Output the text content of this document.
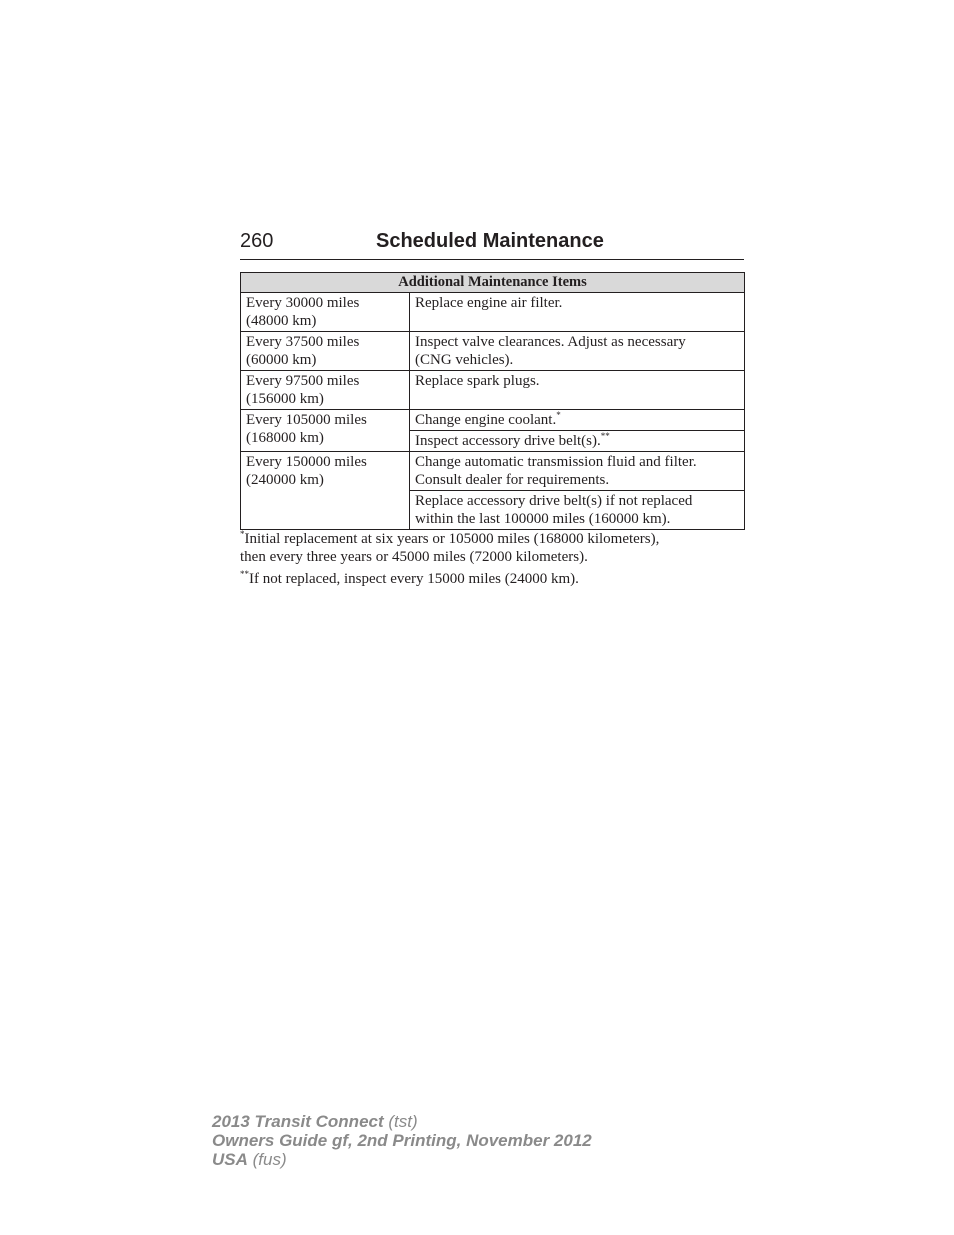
260	Scheduled Maintenance
Additional Maintenance Items	

Every 30000 miles
(48000 km)	Replace engine air filter.

Every 37500 miles
(60000 km)	Inspect valve clearances. Adjust as necessary
(CNG vehicles).

Every 97500 miles
(156000 km)	Replace spark plugs.

Every 105000 miles
(168000 km)	Change engine coolant.*

	Inspect accessory drive belt(s).**

Every 150000 miles
(240000 km)	Change automatic transmission fluid and filter.
Consult dealer for requirements.

	Replace accessory drive belt(s) if not replaced
within the last 100000 miles (160000 km).
*Initial replacement at six years or 105000 miles (168000 kilometers),
then every three years or 45000 miles (72000 kilometers).
**If not replaced, inspect every 15000 miles (24000 km).
2013 Transit Connect (tst)
Owners Guide gf, 2nd Printing, November 2012
USA (fus)
